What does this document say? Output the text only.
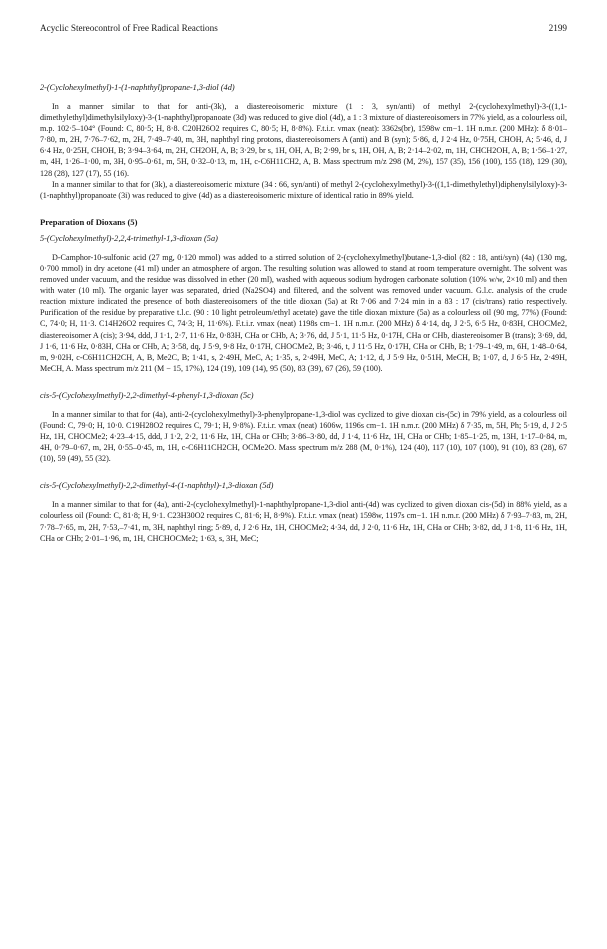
Acyclic Stereocontrol of Free Radical Reactions	2199

2-(Cyclohexylmethyl)-1-(1-naphthyl)propane-1,3-diol (4d)

In a manner similar to that for anti-(3k), a diastereoisomeric mixture (1 : 3, syn/anti) of methyl 2-(cyclohexylmethyl)-3-((1,1-dimethylethyl)dimethylsilyloxy)-3-(1-naphthyl)propanoate (3d) was reduced to give diol (4d), a 1 : 3 mixture of diastereoisomers in 77% yield, as a colourless oil, m.p. 102·5–104° (Found: C, 80·5; H, 8·8. C20H26O2 requires C, 80·5; H, 8·8%). F.t.i.r. νmax (neat): 3362s(br), 1598w cm−1. 1H n.m.r. (200 MHz): δ 8·01–7·80, m, 2H, 7·76–7·62, m, 2H, 7·49–7·40, m, 3H, naphthyl ring protons, diastereoisomers A (anti) and B (syn); 5·86, d, J 2·4 Hz, 0·75H, CHOH, A; 5·46, d, J 6·4 Hz, 0·25H, CHOH, B; 3·94–3·64, m, 2H, CH2OH, A, B; 3·29, br s, 1H, OH, A, B; 2·99, br s, 1H, OH, A, B; 2·14–2·02, m, 1H, CHCH2OH, A, B; 1·56–1·27, m, 4H, 1·26–1·00, m, 3H, 0·95–0·61, m, 5H, 0·32–0·13, m, 1H, c-C6H11CH2, A, B. Mass spectrum m/z 298 (M, 2%), 157 (35), 156 (100), 155 (18), 129 (30), 128 (28), 127 (17), 55 (16).

In a manner similar to that for (3k), a diastereoisomeric mixture (34 : 66, syn/anti) of methyl 2-(cyclohexylmethyl)-3-((1,1-dimethylethyl)diphenylsilyloxy)-3-(1-naphthyl)propanoate (3i) was reduced to give (4d) as a diastereoisomeric mixture of identical ratio in 89% yield.

Preparation of Dioxans (5)

5-(Cyclohexylmethyl)-2,2,4-trimethyl-1,3-dioxan (5a)

D-Camphor-10-sulfonic acid (27 mg, 0·120 mmol) was added to a stirred solution of 2-(cyclohexylmethyl)butane-1,3-diol (82 : 18, anti/syn) (4a) (130 mg, 0·700 mmol) in dry acetone (41 ml) under an atmosphere of argon. The resulting solution was allowed to stand at room temperature overnight. The solvent was removed under vacuum, and the residue was dissolved in ether (20 ml), washed with aqueous sodium hydrogen carbonate solution (10% w/w, 2×10 ml) and then with water (10 ml). The organic layer was separated, dried (Na2SO4) and filtered, and the solvent was removed under vacuum. G.l.c. analysis of the crude reaction mixture indicated the presence of both diastereoisomers of the title dioxan (5a) at Rt 7·06 and 7·24 min in a 83 : 17 (cis/trans) ratio respectively. Purification of the residue by preparative t.l.c. (90 : 10 light petroleum/ethyl acetate) gave the title dioxan mixture (5a) as a colourless oil (90 mg, 77%) (Found: C, 74·0; H, 11·3. C14H26O2 requires C, 74·3; H, 11·6%). F.t.i.r. νmax (neat) 1198s cm−1. 1H n.m.r. (200 MHz) δ 4·14, dq, J 2·5, 6·5 Hz, 0·83H, CHOCMe2, diastereoisomer A (cis); 3·94, ddd, J 1·1, 2·7, 11·6 Hz, 0·83H, CHa or CHb, A; 3·76, dd, J 5·1, 11·5 Hz, 0·17H, CHa or CHb, diastereoisomer B (trans); 3·69, dd, J 1·6, 11·6 Hz, 0·83H, CHa or CHb, A; 3·58, dq, J 5·9, 9·8 Hz, 0·17H, CHOCMe2, B; 3·46, t, J 11·5 Hz, 0·17H, CHa or CHb, B; 1·79–1·49, m, 6H, 1·48–0·64, m, 9·02H, c-C6H11CH2CH, A, B, Me2C, B; 1·41, s, 2·49H, MeC, A; 1·35, s, 2·49H, MeC, A; 1·12, d, J 5·9 Hz, 0·51H, MeCH, B; 1·07, d, J 6·5 Hz, 2·49H, MeCH, A. Mass spectrum m/z 211 (M − 15, 17%), 124 (19), 109 (14), 95 (50), 83 (39), 67 (26), 59 (100).

cis-5-(Cyclohexylmethyl)-2,2-dimethyl-4-phenyl-1,3-dioxan (5c)

In a manner similar to that for (4a), anti-2-(cyclohexylmethyl)-3-phenylpropane-1,3-diol was cyclized to give dioxan cis-(5c) in 79% yield, as a colourless oil (Found: C, 79·0; H, 10·0. C19H28O2 requires C, 79·1; H, 9·8%). F.t.i.r. νmax (neat) 1606w, 1196s cm−1. 1H n.m.r. (200 MHz) δ 7·35, m, 5H, Ph; 5·19, d, J 2·5 Hz, 1H, CHOCMe2; 4·23–4·15, ddd, J 1·2, 2·2, 11·6 Hz, 1H, CHa or CHb; 3·86–3·80, dd, J 1·4, 11·6 Hz, 1H, CHa or CHb; 1·85–1·25, m, 13H, 1·17–0·84, m, 4H, 0·79–0·67, m, 2H, 0·55–0·45, m, 1H, c-C6H11CH2CH, OCMe2O. Mass spectrum m/z 288 (M, 0·1%), 124 (40), 117 (10), 107 (100), 91 (10), 83 (28), 67 (10), 59 (49), 55 (32).

cis-5-(Cyclohexylmethyl)-2,2-dimethyl-4-(1-naphthyl)-1,3-dioxan (5d)

In a manner similar to that for (4a), anti-2-(cyclohexylmethyl)-1-naphthylpropane-1,3-diol anti-(4d) was cyclized to given dioxan cis-(5d) in 88% yield, as a colourless oil (Found: C, 81·8; H, 9·1. C23H30O2 requires C, 81·6; H, 8·9%). F.t.i.r. νmax (neat) 1598w, 1197s cm−1. 1H n.m.r. (200 MHz) δ 7·93–7·83, m, 2H, 7·78–7·65, m, 2H, 7·53,–7·41, m, 3H, naphthyl ring; 5·89, d, J 2·6 Hz, 1H, CHOCMe2; 4·34, dd, J 2·0, 11·6 Hz, 1H, CHa or CHb; 3·82, dd, J 1·8, 11·6 Hz, 1H, CHa or CHb; 2·01–1·96, m, 1H, CHCHOCMe2; 1·63, s, 3H, MeC;
